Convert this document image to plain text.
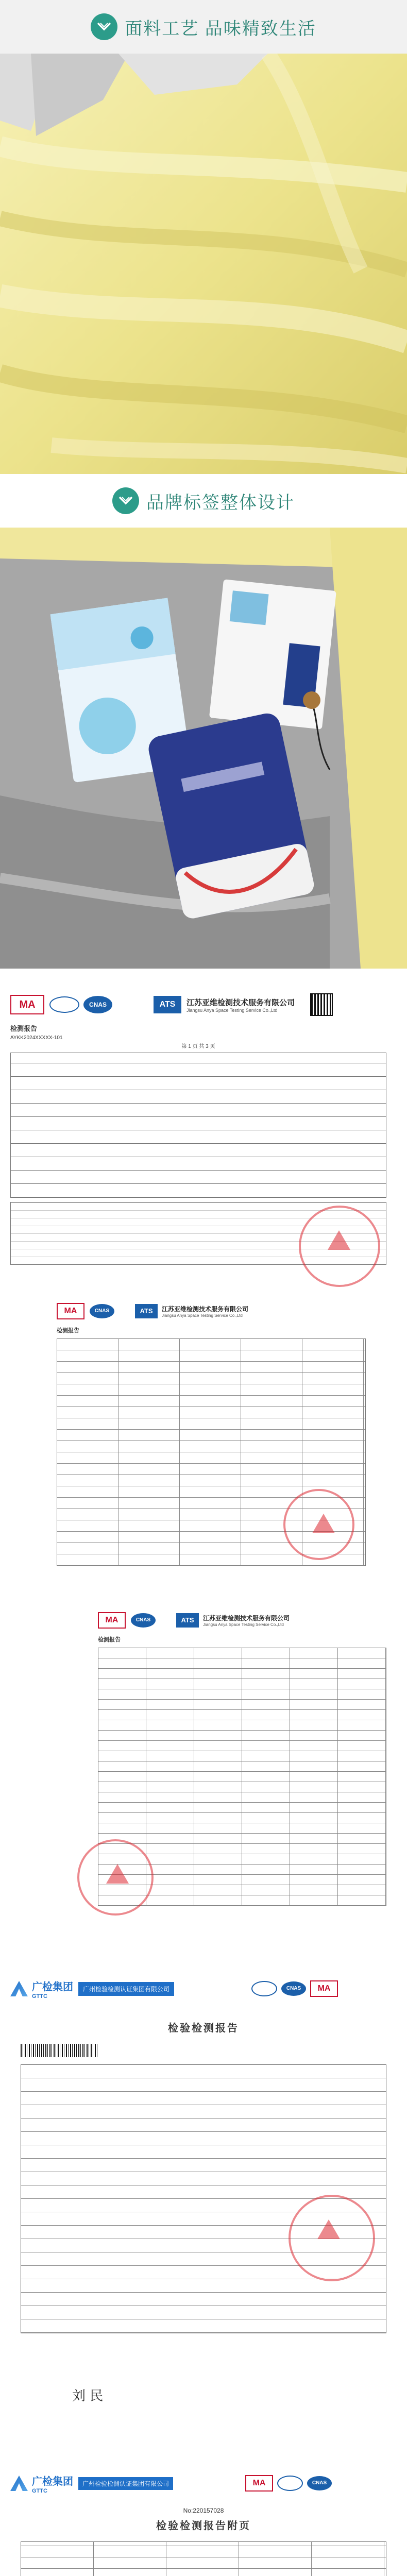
面料工艺 品味精致生活
品牌标签整体设计
MA	CNAS	ATS	江苏亚维检测技术服务有限公司
Jiangsu Anya Space Testing Service Co.,Ltd
检测报告
AYKK2024XXXXX-101
第 1 页 共 3 页
MA	CNAS	ATS	江苏亚维检测技术服务有限公司
Jiangsu Anya Space Testing Service Co.,Ltd
检测报告
MA	CNAS	ATS	江苏亚维检测技术服务有限公司
Jiangsu Anya Space Testing Service Co.,Ltd
检测报告
广检集团
GTTC
广州检验检测认证集团有限公司	CNAS	MA
检验检测报告
刘 民
广检集团
GTTC
广州检验检测认证集团有限公司	MA	CNAS
No:220157028
检验检测报告附页
